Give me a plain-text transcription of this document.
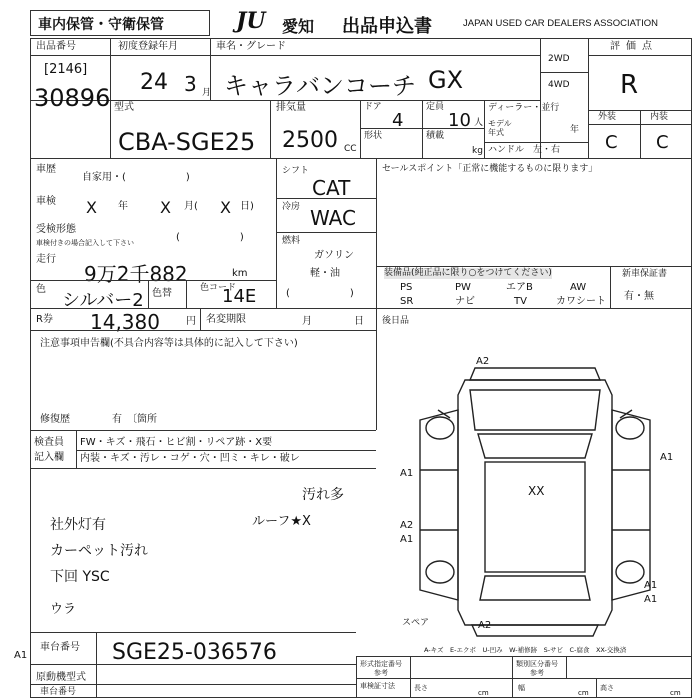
車内保管・守衛保管	JU 愛知 出品申込書	JAPAN USED CAR DEALERS ASSOCIATION
出品番号
[2146]
30896 型式
CBA-SGE25
初度登録年月
24 3 月
車名・グレード
キャラバンコーチ GX
2WD
4WD
評価点
R
外装	内装
C C
排気量
2500 CC
ドア
4
形状
定員
10 人
積載
kg
ディーラー・並行
モデル
年式	年
ハンドル　左・右
車歴
自家用・(　　　　　　)
車検 X 年 X 月( X 日)
受検形態
車検付きの場合記入して下さい	(　　　　　　)
走行
9万2千882	km
色
シルバー2 色替	色コード
14E
シフト
CAT
冷房 WAC
燃料
ガソリン
軽・油
(　　　　　　)
セールスポイント「正常に機能するものに限ります」
装備品(純正品に限り○をつけてください)	新車保証書
有・無
PS	PW	エアB	AW
SR	ナビ	TV	カワシート
R券 14,380	円 名変期限	月	日 後日品
注意事項申告欄(不具合内容等は具体的に記入して下さい)
修復歴	有　〔箇所
検査員
記入欄
FW・キズ・飛石・ヒビ割・リペア跡・X要
内装・キズ・汚レ・コゲ・穴・凹ミ・キレ・破レ
汚れ多
ルーフ★X
社外灯有
カーペット汚れ
下回 YSC
ウラ
A2
A1
A2
A1
XX
A1
A1
A1
A2
A1
スペア
A-キズ　E-エクボ　U-凹み　W-補修跡　S-サビ　C-腐食　XX-交換済
形式指定番号
参考
類別区分番号
参考
車検証寸法	長さ
cm
幅
cm
高さ
cm
車台番号 SGE25-036576
原動機型式
車台番号
